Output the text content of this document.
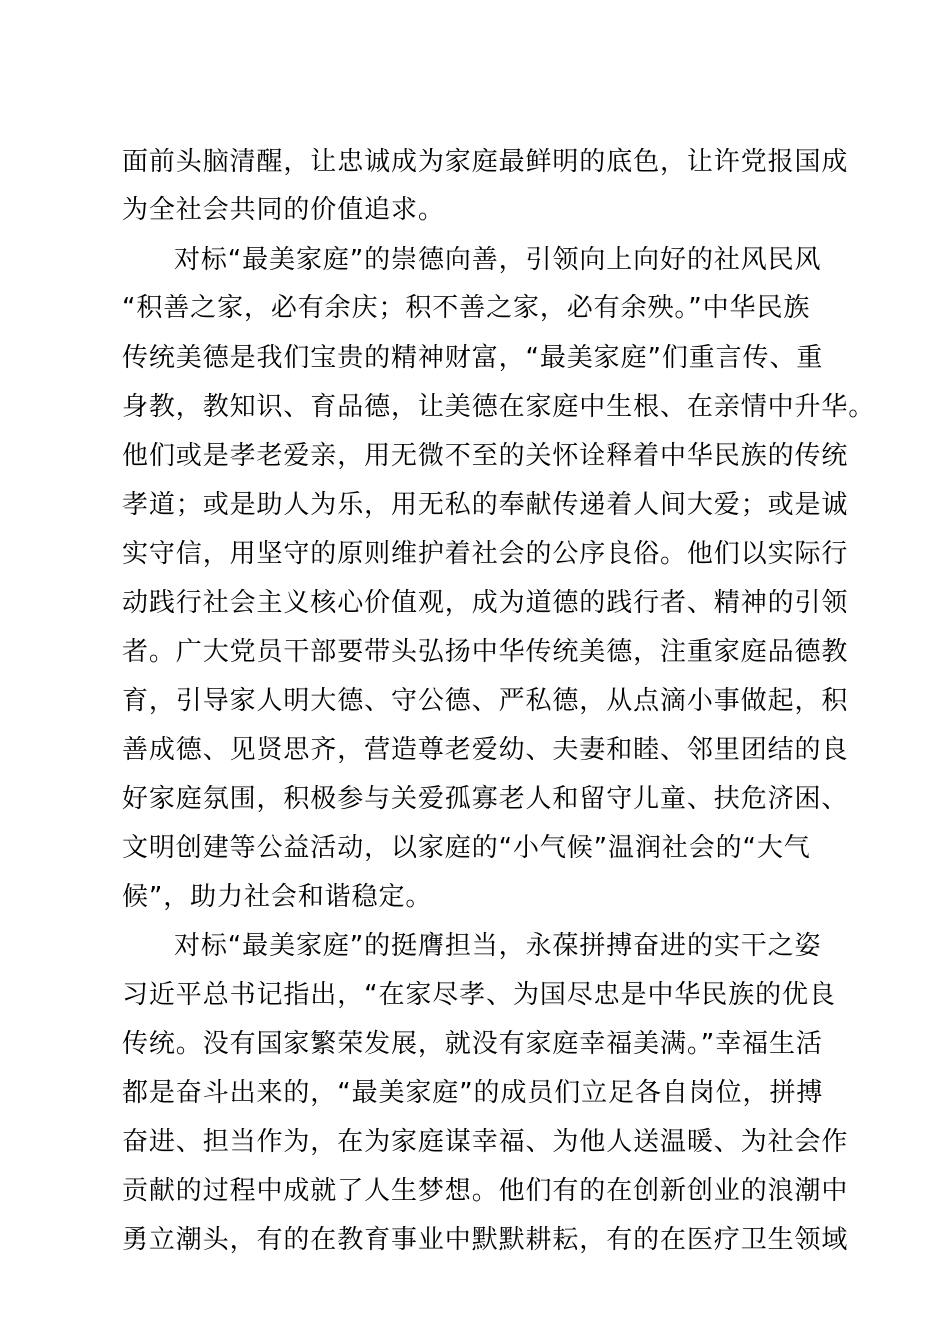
面前头脑清醒，让忠诚成为家庭最鲜明的底色，让许党报国成
为全社会共同的价值追求。
对标“最美家庭”的崇德向善，引领向上向好的社风民风
“积善之家，必有余庆；积不善之家，必有余殃。”中华民族
传统美德是我们宝贵的精神财富，“最美家庭”们重言传、重
身教，教知识、育品德，让美德在家庭中生根、在亲情中升华。
他们或是孝老爱亲，用无微不至的关怀诠释着中华民族的传统
孝道；或是助人为乐，用无私的奉献传递着人间大爱；或是诚
实守信，用坚守的原则维护着社会的公序良俗。他们以实际行
动践行社会主义核心价值观，成为道德的践行者、精神的引领
者。广大党员干部要带头弘扬中华传统美德，注重家庭品德教
育，引导家人明大德、守公德、严私德，从点滴小事做起，积
善成德、见贤思齐，营造尊老爱幼、夫妻和睦、邻里团结的良
好家庭氛围，积极参与关爱孤寡老人和留守儿童、扶危济困、
文明创建等公益活动，以家庭的“小气候”温润社会的“大气
候”，助力社会和谐稳定。
对标“最美家庭”的挺膺担当，永葆拼搏奋进的实干之姿
习近平总书记指出，“在家尽孝、为国尽忠是中华民族的优良
传统。没有国家繁荣发展，就没有家庭幸福美满。”幸福生活
都是奋斗出来的，“最美家庭”的成员们立足各自岗位，拼搏
奋进、担当作为，在为家庭谋幸福、为他人送温暖、为社会作
贡献的过程中成就了人生梦想。他们有的在创新创业的浪潮中
勇立潮头，有的在教育事业中默默耕耘，有的在医疗卫生领域
